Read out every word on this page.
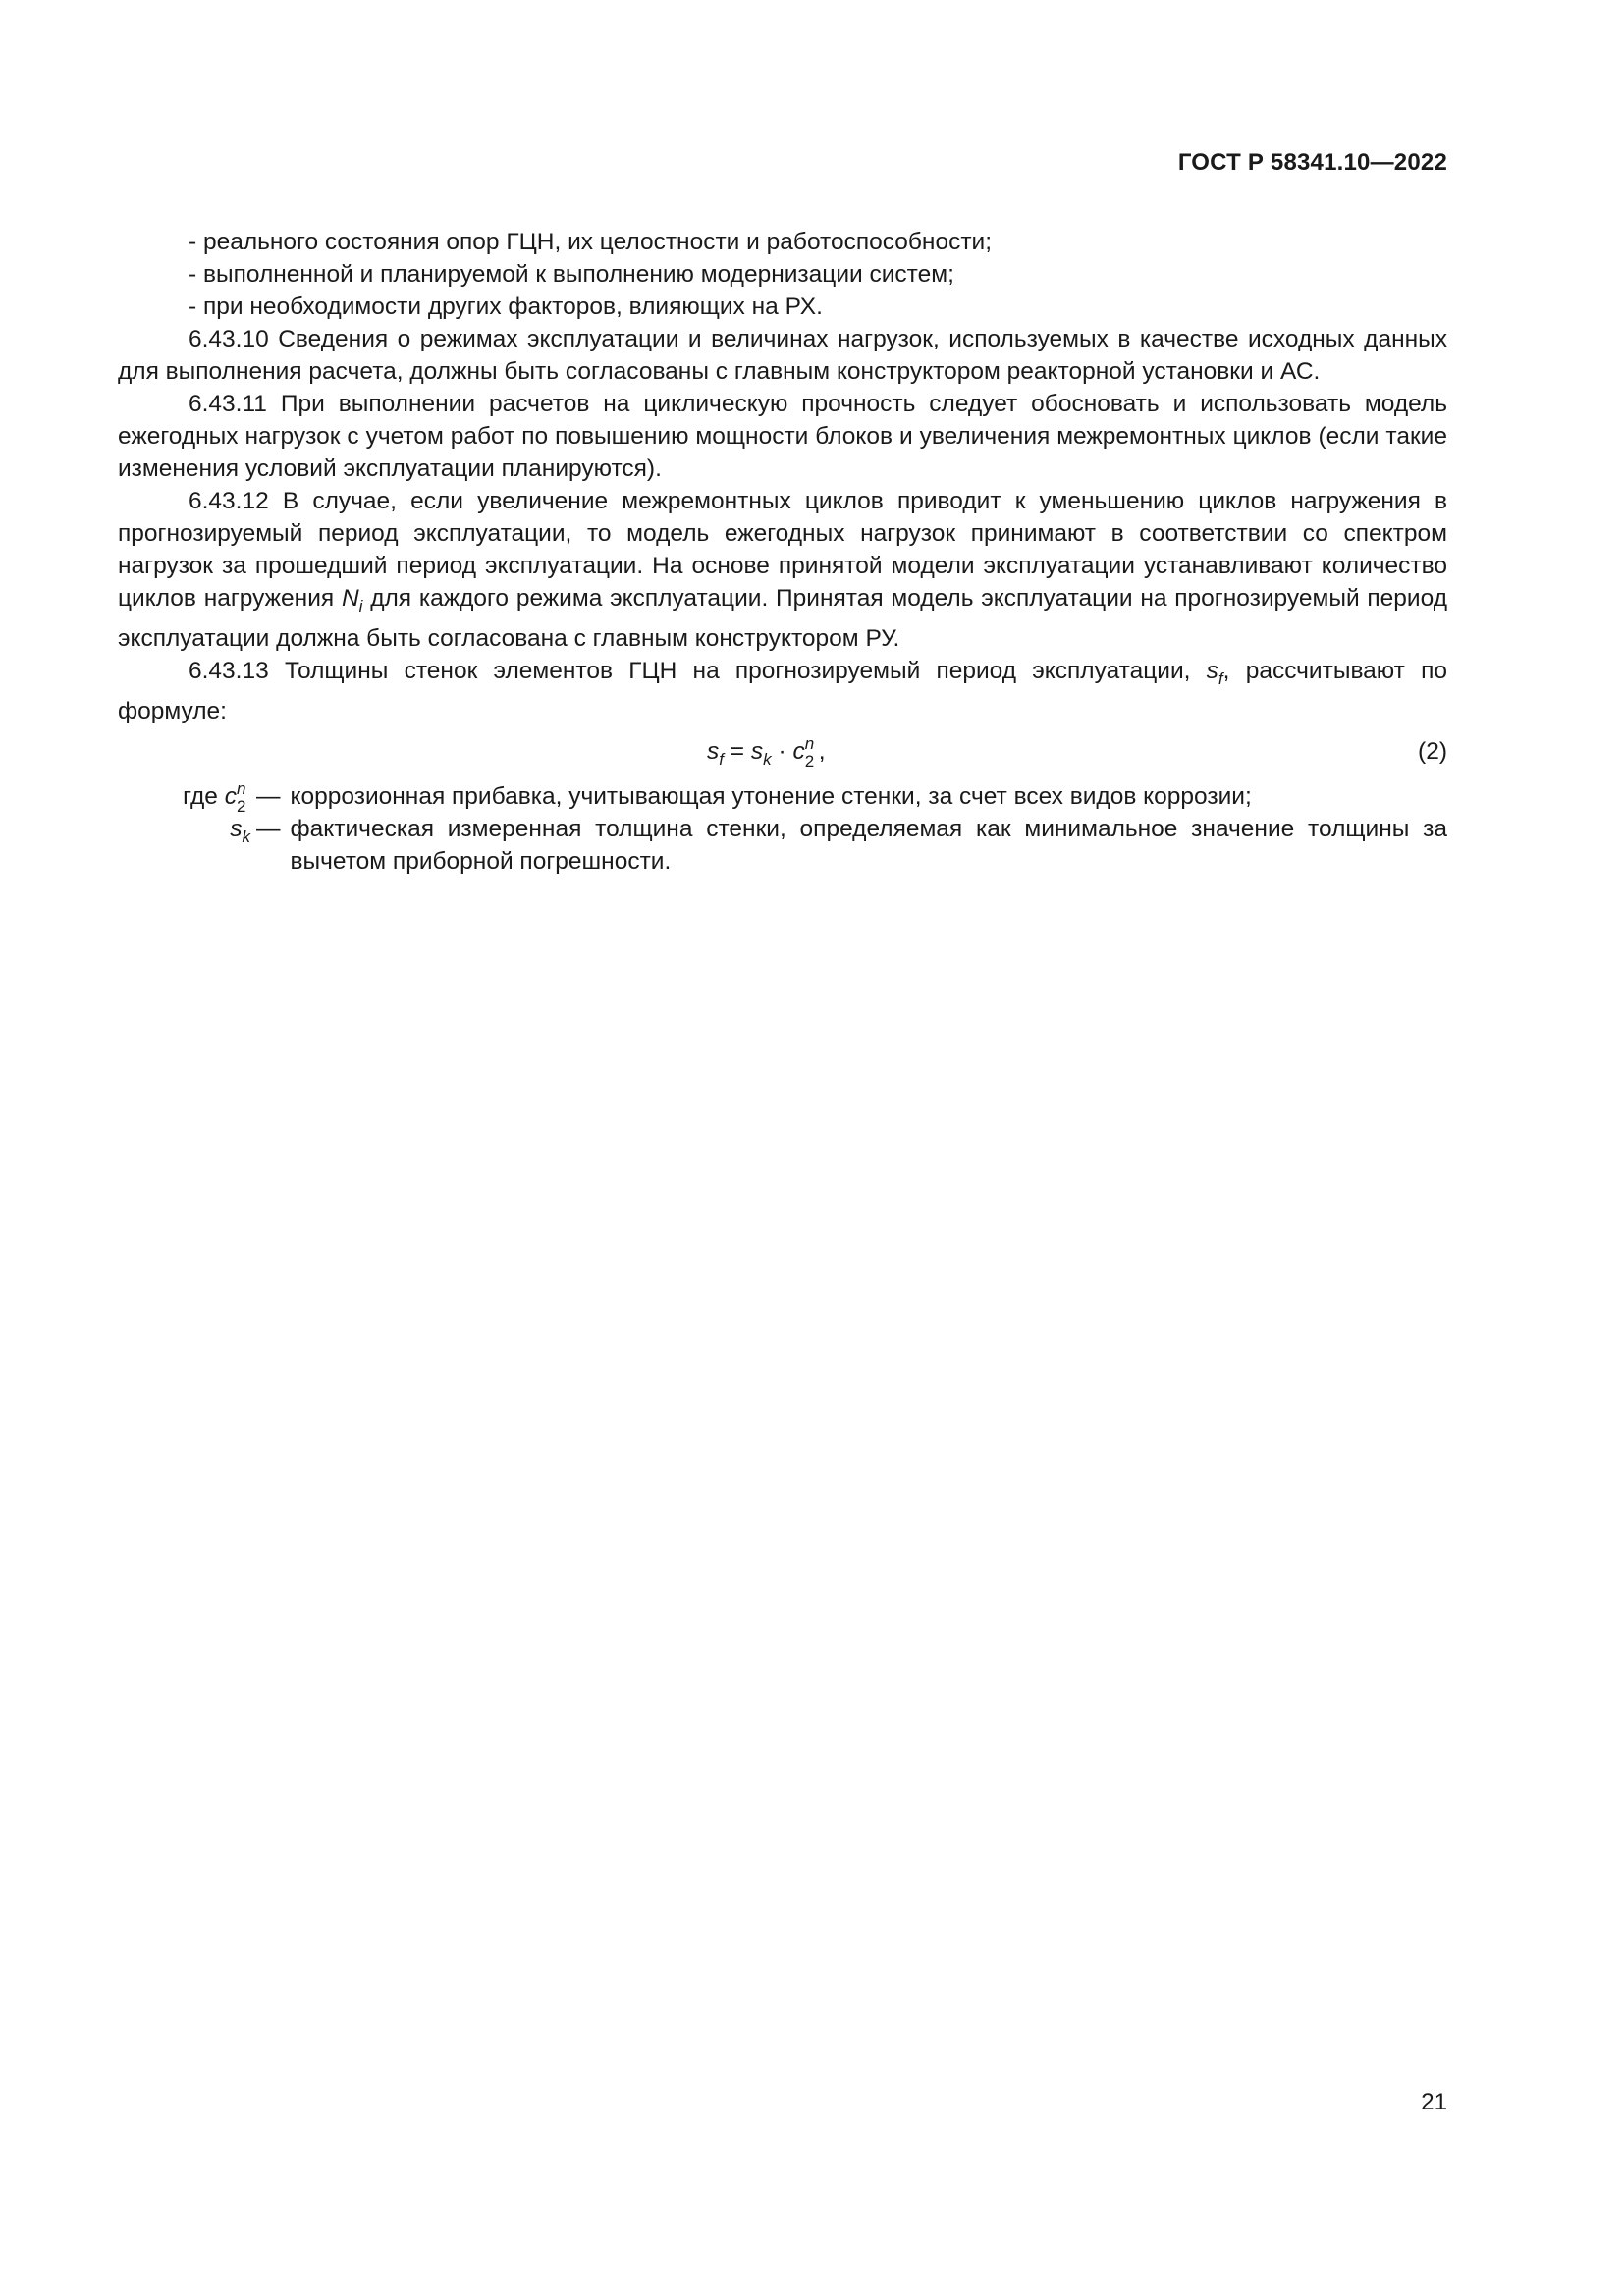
ГОСТ Р 58341.10—2022

- реального состояния опор ГЦН, их целостности и работоспособности;

- выполненной и планируемой к выполнению модернизации систем;

- при необходимости других факторов, влияющих на РХ.

6.43.10 Сведения о режимах эксплуатации и величинах нагрузок, используемых в качестве исходных данных для выполнения расчета, должны быть согласованы с главным конструктором реакторной установки и АС.

6.43.11 При выполнении расчетов на циклическую прочность следует обосновать и использовать модель ежегодных нагрузок с учетом работ по повышению мощности блоков и увеличения межремонтных циклов (если такие изменения условий эксплуатации планируются).

6.43.12 В случае, если увеличение межремонтных циклов приводит к уменьшению циклов нагружения в прогнозируемый период эксплуатации, то модель ежегодных нагрузок принимают в соответствии со спектром нагрузок за прошедший период эксплуатации. На основе принятой модели эксплуатации устанавливают количество циклов нагружения $N_i$ для каждого режима эксплуатации. Принятая модель эксплуатации на прогнозируемый период эксплуатации должна быть согласована с главным конструктором РУ.

6.43.13 Толщины стенок элементов ГЦН на прогнозируемый период эксплуатации, $s_f$, рассчитывают по формуле:

$s_f = s_k \cdot c$ n
2 ,	(2)
где c n
2 — коррозионная прибавка, учитывающая утонение стенки, за счет всех видов коррозии;
$s_k$ — фактическая измеренная толщина стенки, определяемая как минимальное значение толщины за вычетом приборной погрешности.
21
